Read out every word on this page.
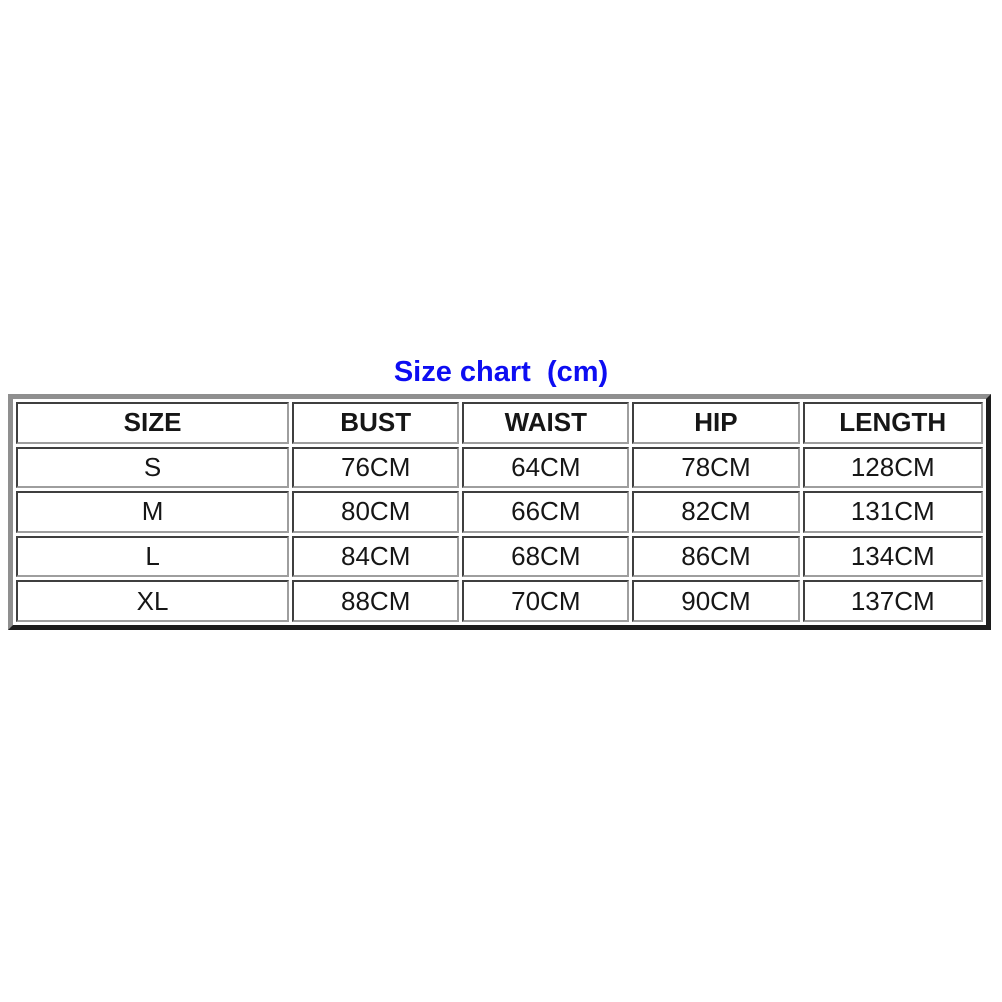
Size chart  (cm)
SIZE	BUST	WAIST	HIP	LENGTH
S	76CM	64CM	78CM	128CM
M	80CM	66CM	82CM	131CM
L	84CM	68CM	86CM	134CM
XL	88CM	70CM	90CM	137CM
